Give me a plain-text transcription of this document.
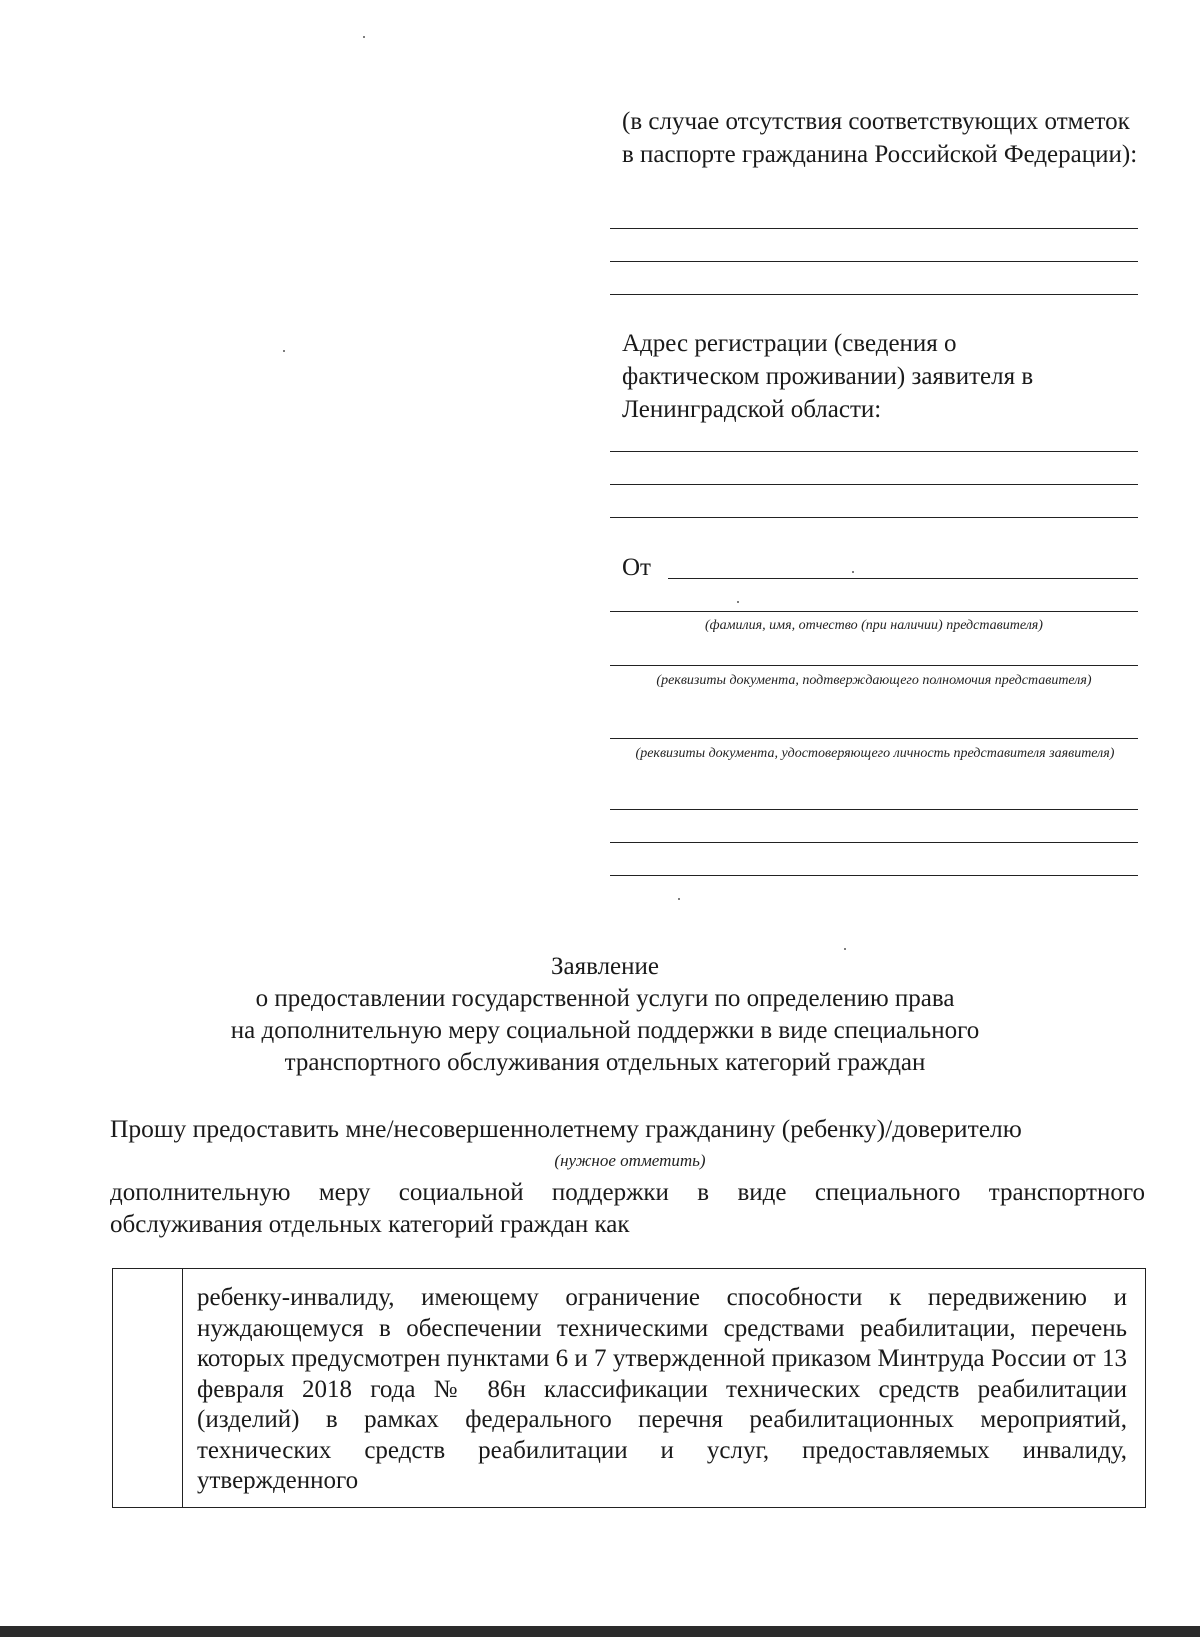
(в случае отсутствия соответствующих отметок в паспорте гражданина Российской Федерации):
Адрес регистрации (сведения о фактическом проживании) заявителя в Ленинградской области:
От
(фамилия, имя, отчество (при наличии) представителя)
(реквизиты документа, подтверждающего полномочия представителя)
(реквизиты документа, удостоверяющего личность представителя заявителя)
Заявление
о предоставлении государственной услуги по определению права
на дополнительную меру социальной поддержки в виде специального
транспортного обслуживания отдельных категорий граждан
Прошу предоставить мне/несовершеннолетнему гражданину (ребенку)/доверителю
(нужное отметить)
дополнительную меру социальной поддержки в виде специального транспортного обслуживания отдельных категорий граждан как
ребенку-инвалиду, имеющему ограничение способности к передвижению и нуждающемуся в обеспечении техническими средствами реабилитации, перечень которых предусмотрен пунктами 6 и 7 утвержденной приказом Минтруда России от 13 февраля 2018 года № 86н классификации технических средств реабилитации (изделий) в рамках федерального перечня реабилитационных мероприятий, технических средств реабилитации и услуг, предоставляемых инвалиду, утвержденного
